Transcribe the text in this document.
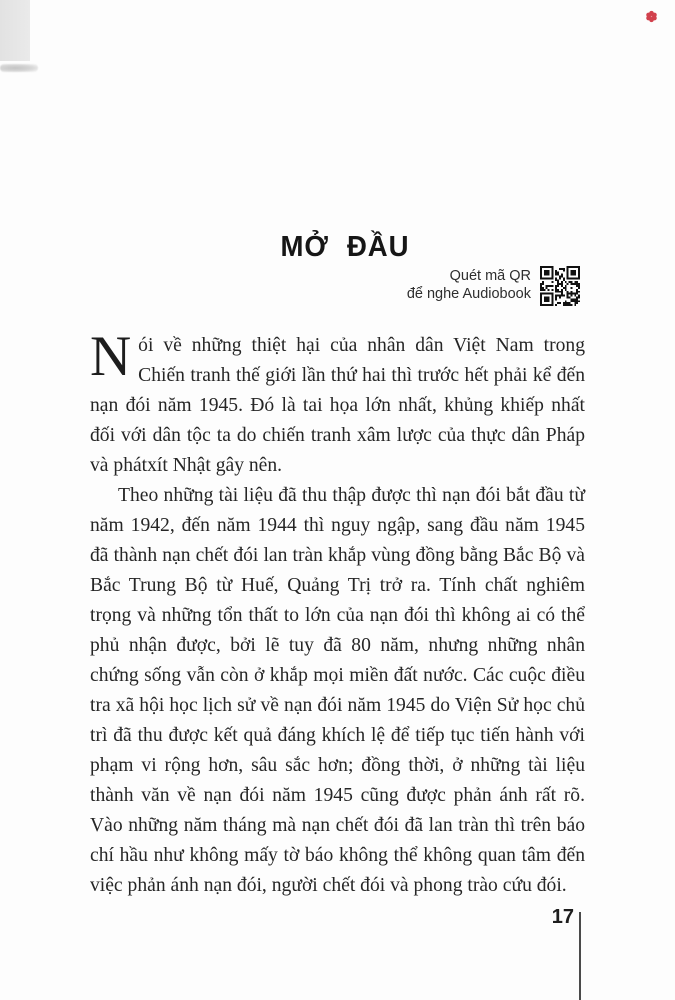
MỞ ĐẦU
Quét mã QR
để nghe Audiobook

Nói về những thiệt hại của nhân dân Việt Nam trong Chiến tranh thế giới lần thứ hai thì trước hết phải kể đến nạn đói năm 1945. Đó là tai họa lớn nhất, khủng khiếp nhất đối với dân tộc ta do chiến tranh xâm lược của thực dân Pháp và phátxít Nhật gây nên.

Theo những tài liệu đã thu thập được thì nạn đói bắt đầu từ năm 1942, đến năm 1944 thì nguy ngập, sang đầu năm 1945 đã thành nạn chết đói lan tràn khắp vùng đồng bằng Bắc Bộ và Bắc Trung Bộ từ Huế, Quảng Trị trở ra. Tính chất nghiêm trọng và những tổn thất to lớn của nạn đói thì không ai có thể phủ nhận được, bởi lẽ tuy đã 80 năm, nhưng những nhân chứng sống vẫn còn ở khắp mọi miền đất nước. Các cuộc điều tra xã hội học lịch sử về nạn đói năm 1945 do Viện Sử học chủ trì đã thu được kết quả đáng khích lệ để tiếp tục tiến hành với phạm vi rộng hơn, sâu sắc hơn; đồng thời, ở những tài liệu thành văn về nạn đói năm 1945 cũng được phản ánh rất rõ. Vào những năm tháng mà nạn chết đói đã lan tràn thì trên báo chí hầu như không mấy tờ báo không thể không quan tâm đến việc phản ánh nạn đói, người chết đói và phong trào cứu đói.

17
